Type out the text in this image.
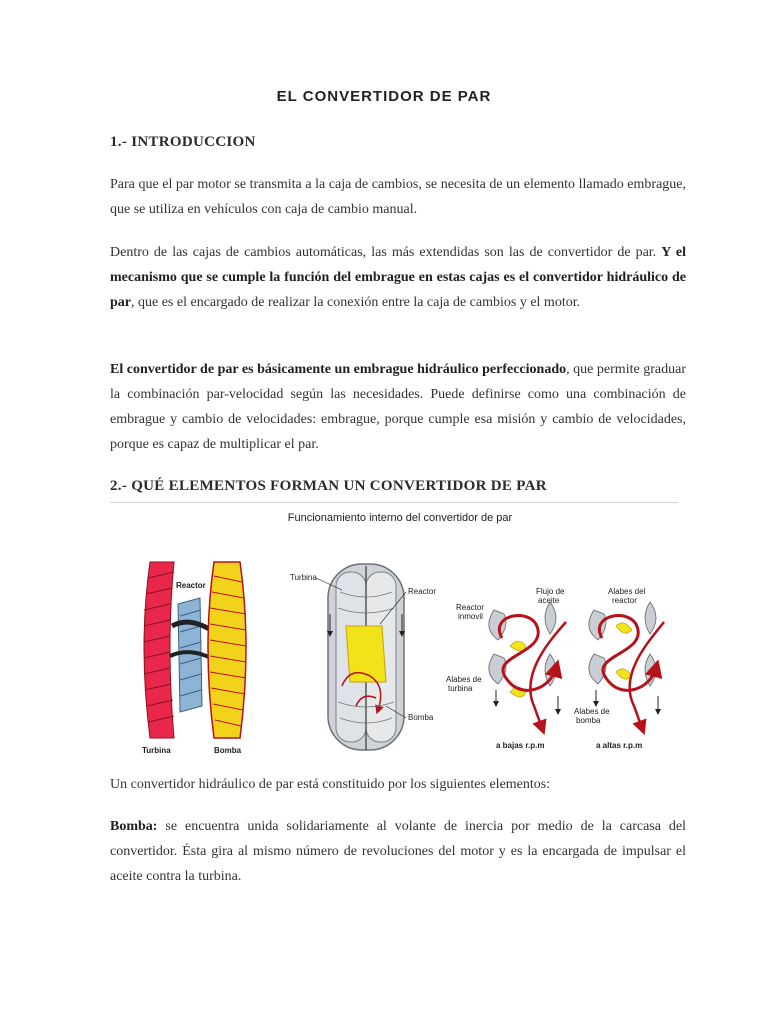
EL CONVERTIDOR DE PAR
1.- INTRODUCCION
Para que el par motor se transmita a la caja de cambios, se necesita de un elemento llamado embrague, que se utiliza en vehículos con caja de cambio manual.
Dentro de las cajas de cambios automáticas, las más extendidas son las de convertidor de par. Y el mecanismo que se cumple la función del embrague en estas cajas es el convertidor hidráulico de par, que es el encargado de realizar la conexión entre la caja de cambios y el motor.
El convertidor de par es básicamente un embrague hidráulico perfeccionado, que permite graduar la combinación par-velocidad según las necesidades. Puede definirse como una combinación de embrague y cambio de velocidades: embrague, porque cumple esa misión y cambio de velocidades, porque es capaz de multiplicar el par.
2.- QUÉ ELEMENTOS FORMAN UN CONVERTIDOR DE PAR
Funcionamiento interno del convertidor de par
Reactor
Turbina	Bomba
Turbina
Reactor
Bomba
Reactor
inmovil
Flujo de
aceite
Alabes de
turbina
a bajas r.p.m
Alabes del
reactor
Alabes de
bomba
a altas r.p.m
Un convertidor hidráulico de par está constituido por los siguientes elementos:
Bomba: se encuentra unida solidariamente al volante de inercia por medio de la carcasa del convertidor. Ésta gira al mismo número de revoluciones del motor y es la encargada de impulsar el aceite contra la turbina.
